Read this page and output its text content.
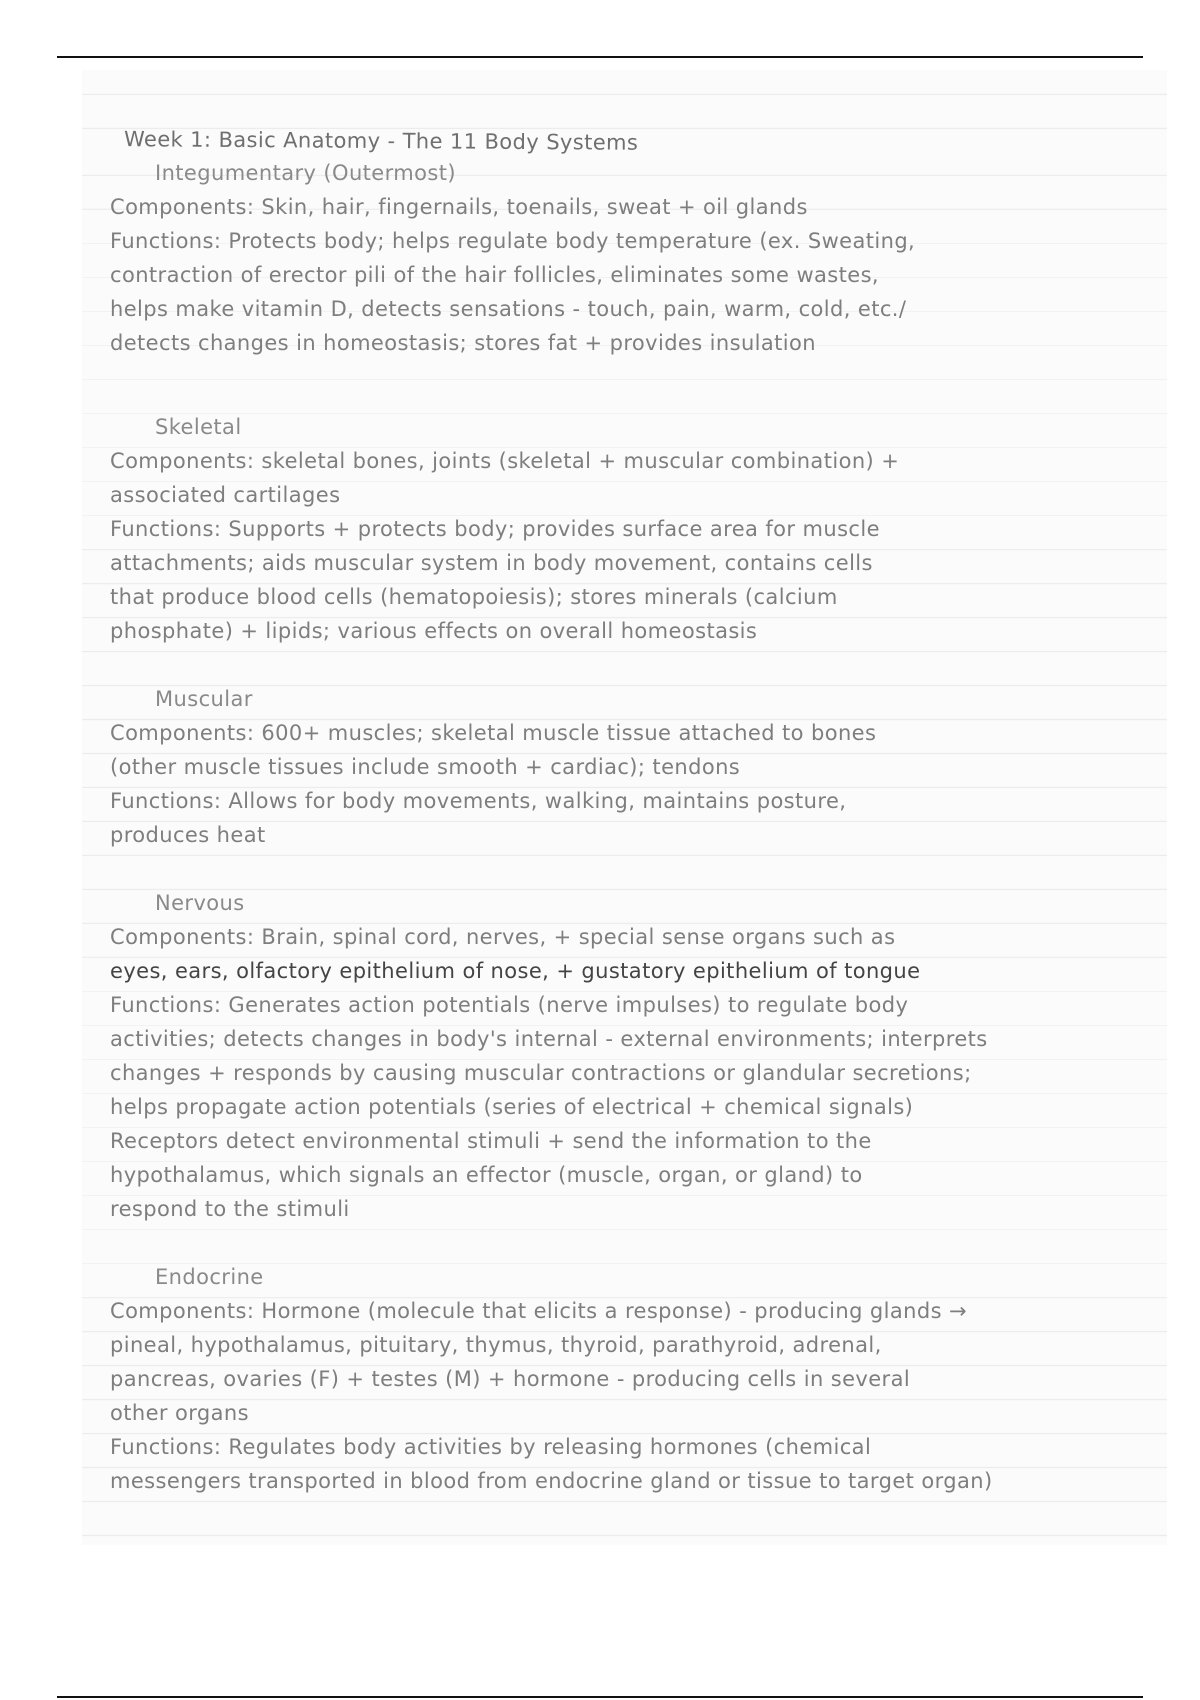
Week 1: Basic Anatomy - The 11 Body Systems
Integumentary (Outermost)
Components: Skin, hair, fingernails, toenails, sweat + oil glands
Functions: Protects body; helps regulate body temperature (ex. Sweating,
contraction of erector pili of the hair follicles, eliminates some wastes,
helps make vitamin D, detects sensations - touch, pain, warm, cold, etc./
detects changes in homeostasis; stores fat + provides insulation
Skeletal
Components: skeletal bones, joints (skeletal + muscular combination) +
associated cartilages
Functions: Supports + protects body; provides surface area for muscle
attachments; aids muscular system in body movement, contains cells
that produce blood cells (hematopoiesis); stores minerals (calcium
phosphate) + lipids; various effects on overall homeostasis
Muscular
Components: 600+ muscles; skeletal muscle tissue attached to bones
(other muscle tissues include smooth + cardiac); tendons
Functions: Allows for body movements, walking, maintains posture,
produces heat
Nervous
Components: Brain, spinal cord, nerves, + special sense organs such as
eyes, ears, olfactory epithelium of nose, + gustatory epithelium of tongue
Functions: Generates action potentials (nerve impulses) to regulate body
activities; detects changes in body's internal - external environments; interprets
changes + responds by causing muscular contractions or glandular secretions;
helps propagate action potentials (series of electrical + chemical signals)
Receptors detect environmental stimuli + send the information to the
hypothalamus, which signals an effector (muscle, organ, or gland) to
respond to the stimuli
Endocrine
Components: Hormone (molecule that elicits a response) - producing glands →
pineal, hypothalamus, pituitary, thymus, thyroid, parathyroid, adrenal,
pancreas, ovaries (F) + testes (M) + hormone - producing cells in several
other organs
Functions: Regulates body activities by releasing hormones (chemical
messengers transported in blood from endocrine gland or tissue to target organ)
